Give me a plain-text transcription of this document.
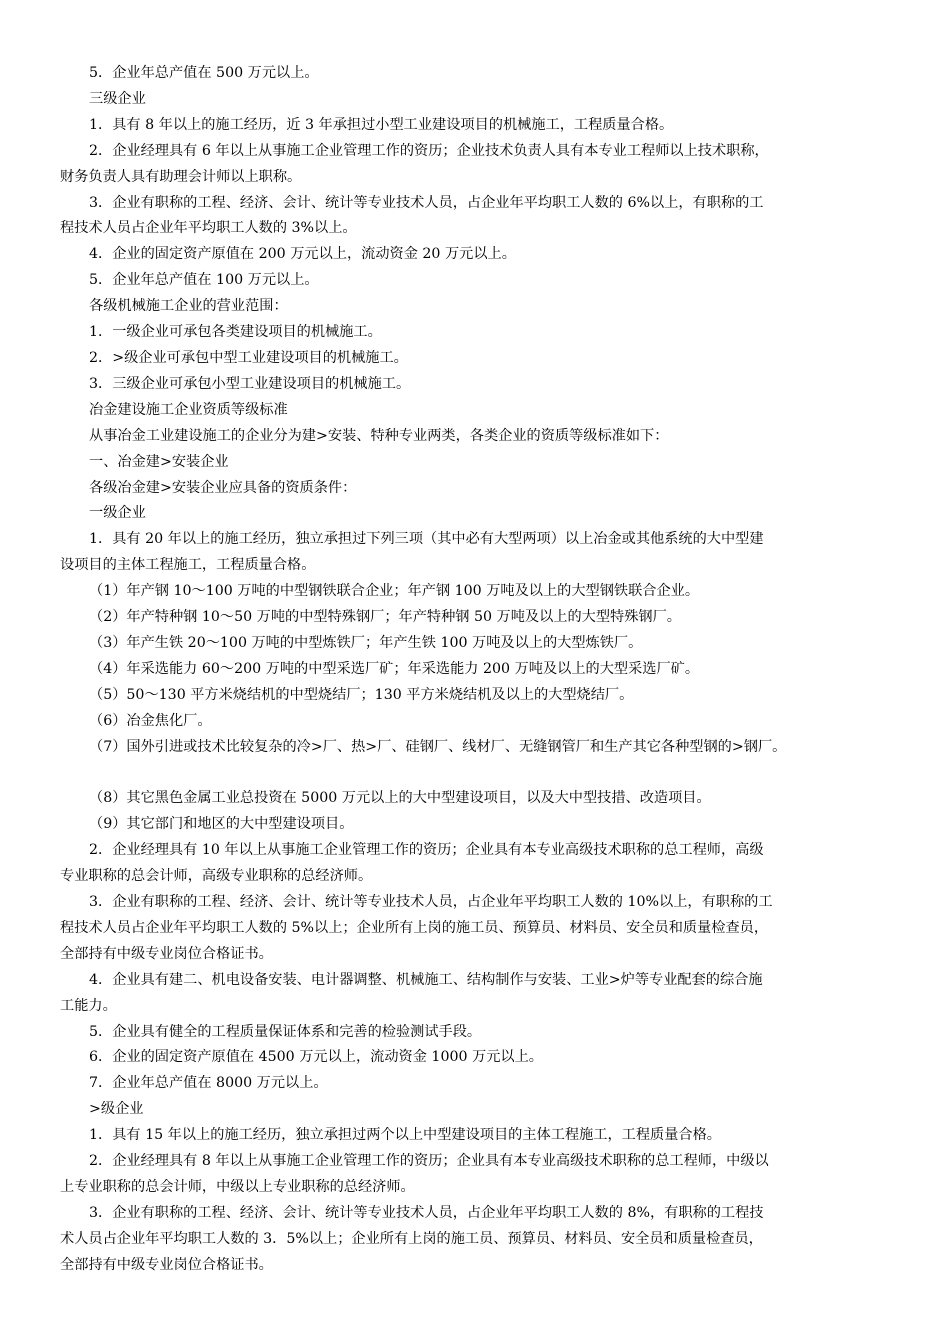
5．企业年总产值在 500 万元以上。

三级企业

1．具有 8 年以上的施工经历，近 3 年承担过小型工业建设项目的机械施工，工程质量合格。

2．企业经理具有 6 年以上从事施工企业管理工作的资历；企业技术负责人具有本专业工程师以上技术职称，

财务负责人具有助理会计师以上职称。

3．企业有职称的工程、经济、会计、统计等专业技术人员，占企业年平均职工人数的 6%以上，有职称的工

程技术人员占企业年平均职工人数的 3%以上。

4．企业的固定资产原值在 200 万元以上，流动资金 20 万元以上。

5．企业年总产值在 100 万元以上。

各级机械施工企业的营业范围：

1．一级企业可承包各类建设项目的机械施工。

2．>级企业可承包中型工业建设项目的机械施工。

3．三级企业可承包小型工业建设项目的机械施工。

冶金建设施工企业资质等级标准

从事冶金工业建设施工的企业分为建>安装、特种专业两类，各类企业的资质等级标准如下：

一、冶金建>安装企业

各级冶金建>安装企业应具备的资质条件：

一级企业

1．具有 20 年以上的施工经历，独立承担过下列三项（其中必有大型两项）以上冶金或其他系统的大中型建

设项目的主体工程施工，工程质量合格。

（1）年产钢 10～100 万吨的中型钢铁联合企业；年产钢 100 万吨及以上的大型钢铁联合企业。

（2）年产特种钢 10～50 万吨的中型特殊钢厂；年产特种钢 50 万吨及以上的大型特殊钢厂。

（3）年产生铁 20～100 万吨的中型炼铁厂；年产生铁 100 万吨及以上的大型炼铁厂。

（4）年采选能力 60～200 万吨的中型采选厂矿；年采选能力 200 万吨及以上的大型采选厂矿。

（5）50～130 平方米烧结机的中型烧结厂；130 平方米烧结机及以上的大型烧结厂。

（6）冶金焦化厂。

（7）国外引进或技术比较复杂的冷>厂、热>厂、硅钢厂、线材厂、无缝钢管厂和生产其它各种型钢的>钢厂。

（8）其它黑色金属工业总投资在 5000 万元以上的大中型建设项目，以及大中型技措、改造项目。

（9）其它部门和地区的大中型建设项目。

2．企业经理具有 10 年以上从事施工企业管理工作的资历；企业具有本专业高级技术职称的总工程师，高级

专业职称的总会计师，高级专业职称的总经济师。

3．企业有职称的工程、经济、会计、统计等专业技术人员，占企业年平均职工人数的 10%以上，有职称的工

程技术人员占企业年平均职工人数的 5%以上；企业所有上岗的施工员、预算员、材料员、安全员和质量检查员，

全部持有中级专业岗位合格证书。

4．企业具有建二、机电设备安装、电计器调整、机械施工、结构制作与安装、工业>炉等专业配套的综合施

工能力。

5．企业具有健全的工程质量保证体系和完善的检验测试手段。

6．企业的固定资产原值在 4500 万元以上，流动资金 1000 万元以上。

7．企业年总产值在 8000 万元以上。

>级企业

1．具有 15 年以上的施工经历，独立承担过两个以上中型建设项目的主体工程施工，工程质量合格。

2．企业经理具有 8 年以上从事施工企业管理工作的资历；企业具有本专业高级技术职称的总工程师，中级以

上专业职称的总会计师，中级以上专业职称的总经济师。

3．企业有职称的工程、经济、会计、统计等专业技术人员，占企业年平均职工人数的 8%，有职称的工程技

术人员占企业年平均职工人数的 3．5%以上；企业所有上岗的施工员、预算员、材料员、安全员和质量检查员，

全部持有中级专业岗位合格证书。
